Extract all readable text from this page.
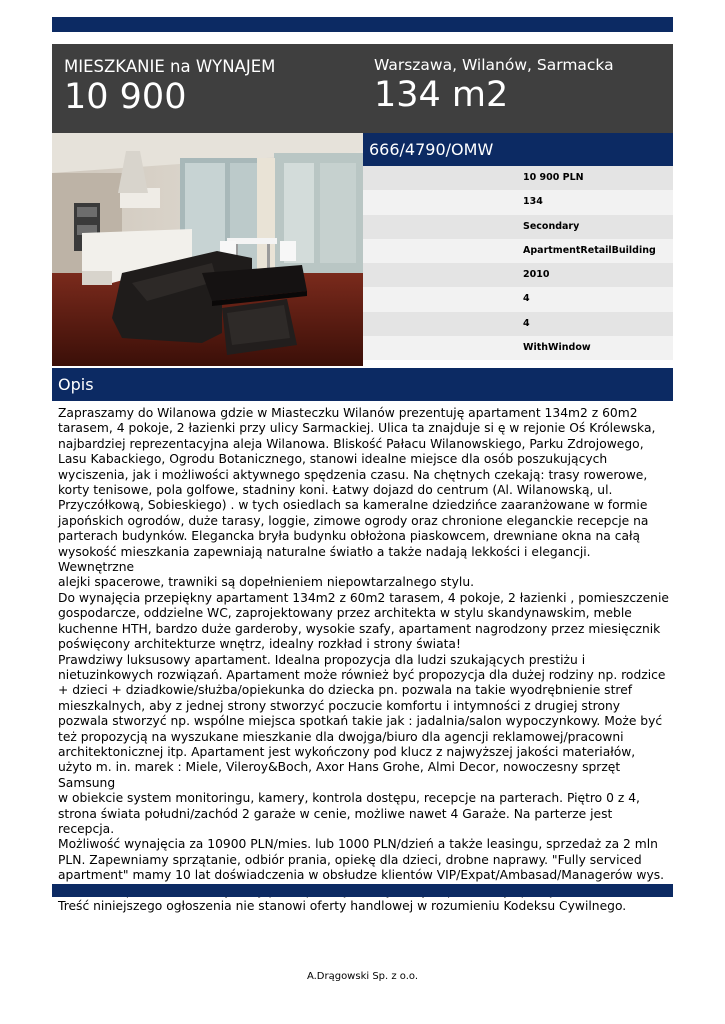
MIESZKANIE na WYNAJEM
10 900
Warszawa, Wilanów, Sarmacka
134 m2
666/4790/OMW
10 900 PLN
134
Secondary
ApartmentRetailBuilding
2010
4
4
WithWindow
Opis

Zapraszamy do Wilanowa gdzie w Miasteczku Wilanów prezentuję apartament 134m2 z 60m2
tarasem, 4 pokoje, 2 łazienki przy ulicy Sarmackiej. Ulica ta znajduje si ę w rejonie Oś Królewska,
najbardziej reprezentacyjna aleja Wilanowa. Bliskość Pałacu Wilanowskiego, Parku Zdrojowego,
Lasu Kabackiego, Ogrodu Botanicznego, stanowi idealne miejsce dla osób poszukujących
wyciszenia, jak i możliwości aktywnego spędzenia czasu. Na chętnych czekają: trasy rowerowe,
korty tenisowe, pola golfowe, stadniny koni. Łatwy dojazd do centrum (Al. Wilanowską, ul.
Przyczółkową, Sobieskiego) . w tych osiedlach sa kameralne dziedzińce zaaranżowane w formie
japońskich ogrodów, duże tarasy, loggie, zimowe ogrody oraz chronione eleganckie recepcje na
parterach budynków. Elegancka bryła budynku obłożona piaskowcem, drewniane okna na całą
wysokość mieszkania zapewniają naturalne światło a także nadają lekkości i elegancji. Wewnętrzne
alejki spacerowe, trawniki są dopełnieniem niepowtarzalnego stylu.
Do wynajęcia przepiękny apartament 134m2 z 60m2 tarasem, 4 pokoje, 2 łazienki , pomieszczenie
gospodarcze, oddzielne WC, zaprojektowany przez architekta w stylu skandynawskim, meble
kuchenne HTH, bardzo duże garderoby, wysokie szafy, apartament nagrodzony przez miesięcznik
poświęcony architekturze wnętrz, idealny rozkład i strony świata!
Prawdziwy luksusowy apartament. Idealna propozycja dla ludzi szukających prestiżu i
nietuzinkowych rozwiązań. Apartament może również być propozycja dla dużej rodziny np. rodzice
+ dzieci + dziadkowie/służba/opiekunka do dziecka pn. pozwala na takie wyodrębnienie stref
mieszkalnych, aby z jednej strony stworzyć poczucie komfortu i intymności z drugiej strony
pozwala stworzyć np. wspólne miejsca spotkań takie jak : jadalnia/salon wypoczynkowy. Może być
też propozycją na wyszukane mieszkanie dla dwojga/biuro dla agencji reklamowej/pracowni
architektonicznej itp. Apartament jest wykończony pod klucz z najwyższej jakości materiałów,
użyto m. in. marek : Miele, Vileroy&Boch, Axor Hans Grohe, Almi Decor, nowoczesny sprzęt
Samsung
w obiekcie system monitoringu, kamery, kontrola dostępu, recepcje na parterach. Piętro 0 z 4,
strona świata południ/zachód 2 garaże w cenie, możliwe nawet 4 Garaże. Na parterze jest recepcja.
Możliwość wynajęcia za 10900 PLN/mies. lub 1000 PLN/dzień a także leasingu, sprzedaż za 2 mln
PLN. Zapewniamy sprzątanie, odbiór prania, opiekę dla dzieci, drobne naprawy. "Fully serviced
apartment" mamy 10 lat doświadczenia w obsłudze klientów VIP/Expat/Ambasad/Managerów wys.

Treść niniejszego ogłoszenia nie stanowi oferty handlowej w rozumieniu Kodeksu Cywilnego.

A.Drągowski Sp. z o.o.
